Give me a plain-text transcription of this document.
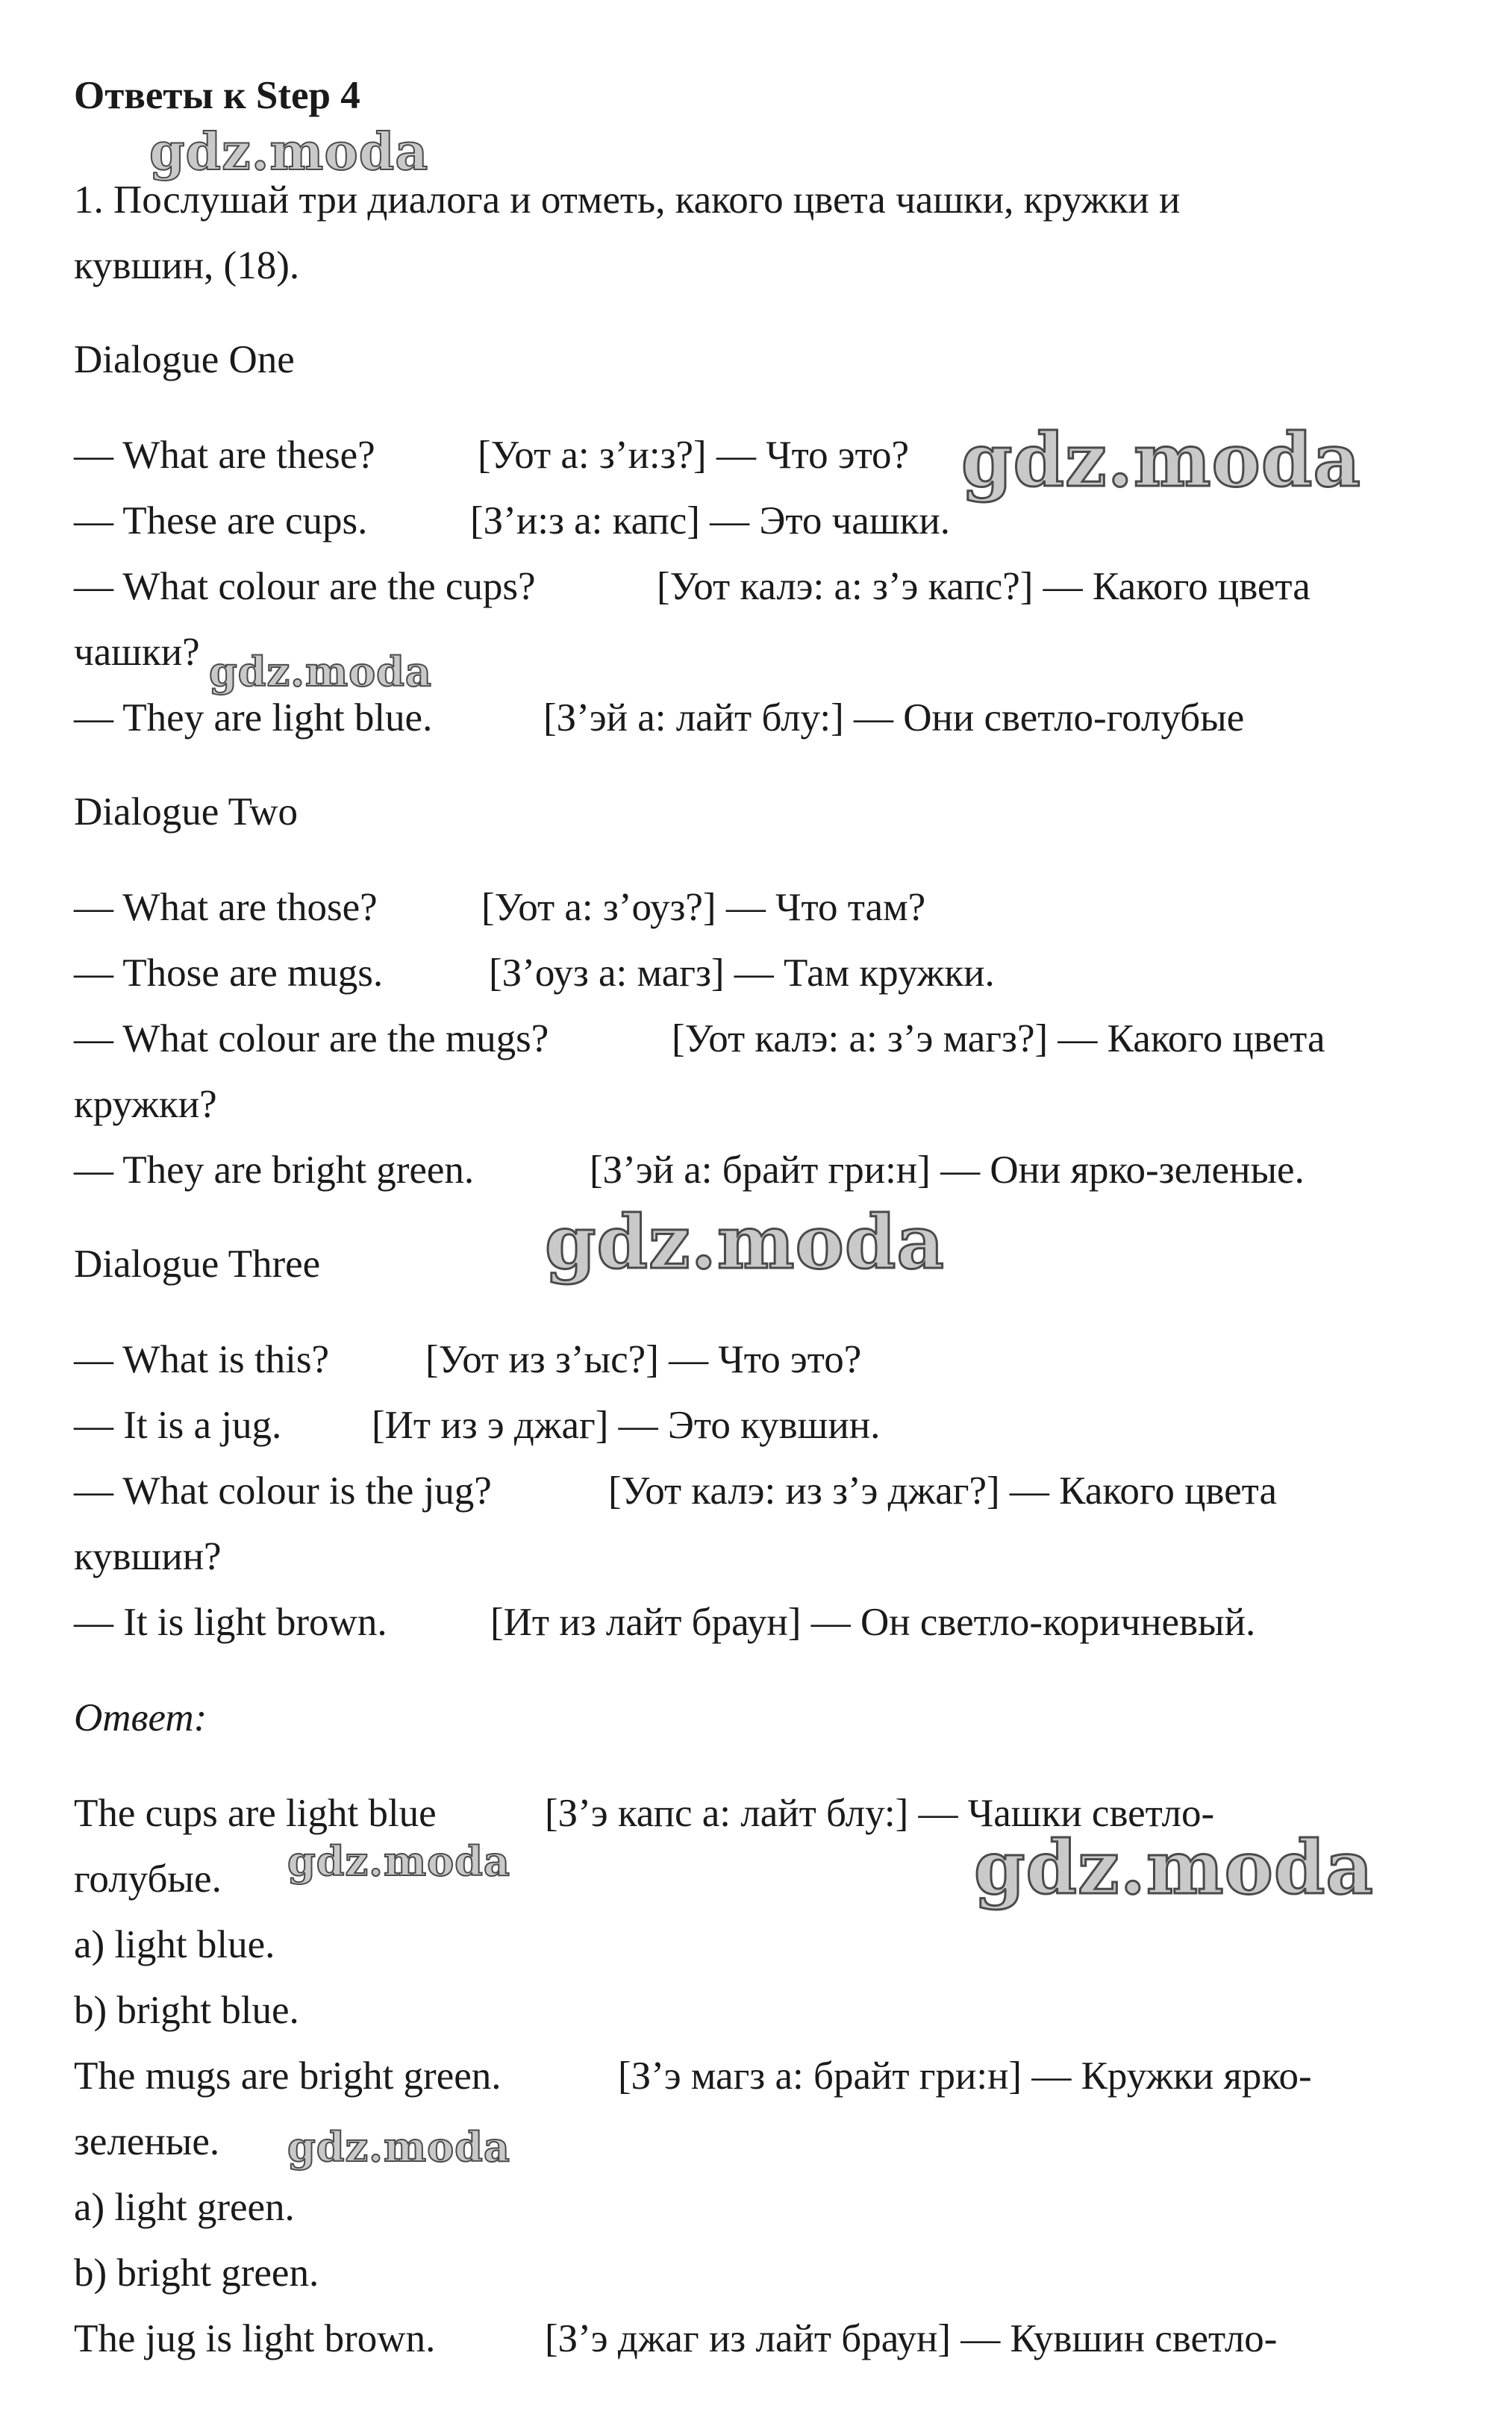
Ответы к Step 4
gdz.moda
1. Послушай три диалога и отметь, какого цвета чашки, кружки и
кувшин, (18).
Dialogue One
— What are these?	[Уот а: з’и:з?] — Что это? gdz.moda
— These are cups.	[З’и:з а: капс] — Это чашки.
— What colour are the cups?	[Уот калэ: а: з’э капс?] — Какого цвета
чашки? gdz.moda
— They are light blue.	[З’эй а: лайт блу:] — Они светло-голубые
Dialogue Two
— What are those?	[Уот а: з’оуз?] — Что там?
— Those are mugs.	[З’оуз а: магз] — Там кружки.
— What colour are the mugs?	[Уот калэ: а: з’э магз?] — Какого цвета
кружки?
— They are bright green.	[З’эй а: брайт гри:н] — Они ярко-зеленые.
Dialogue Three	gdz.moda
— What is this? [Уот из з’ыс?] — Что это?
— It is a jug. [Ит из э джаг] — Это кувшин.
— What colour is the jug?	[Уот калэ: из з’э джаг?] — Какого цвета
кувшин?
— It is light brown.	[Ит из лайт браун] — Он светло-коричневый.
Ответ:
The cups are light blue	[З’э капс а: лайт блу:] — Чашки светло-
голубые. gdz.moda	gdz.moda
a) light blue.
b) bright blue.
The mugs are bright green.	[З’э магз а: брайт гри:н] — Кружки ярко-
зеленые. gdz.moda
a) light green.
b) bright green.
The jug is light brown.	[З’э джаг из лайт браун] — Кувшин светло-
